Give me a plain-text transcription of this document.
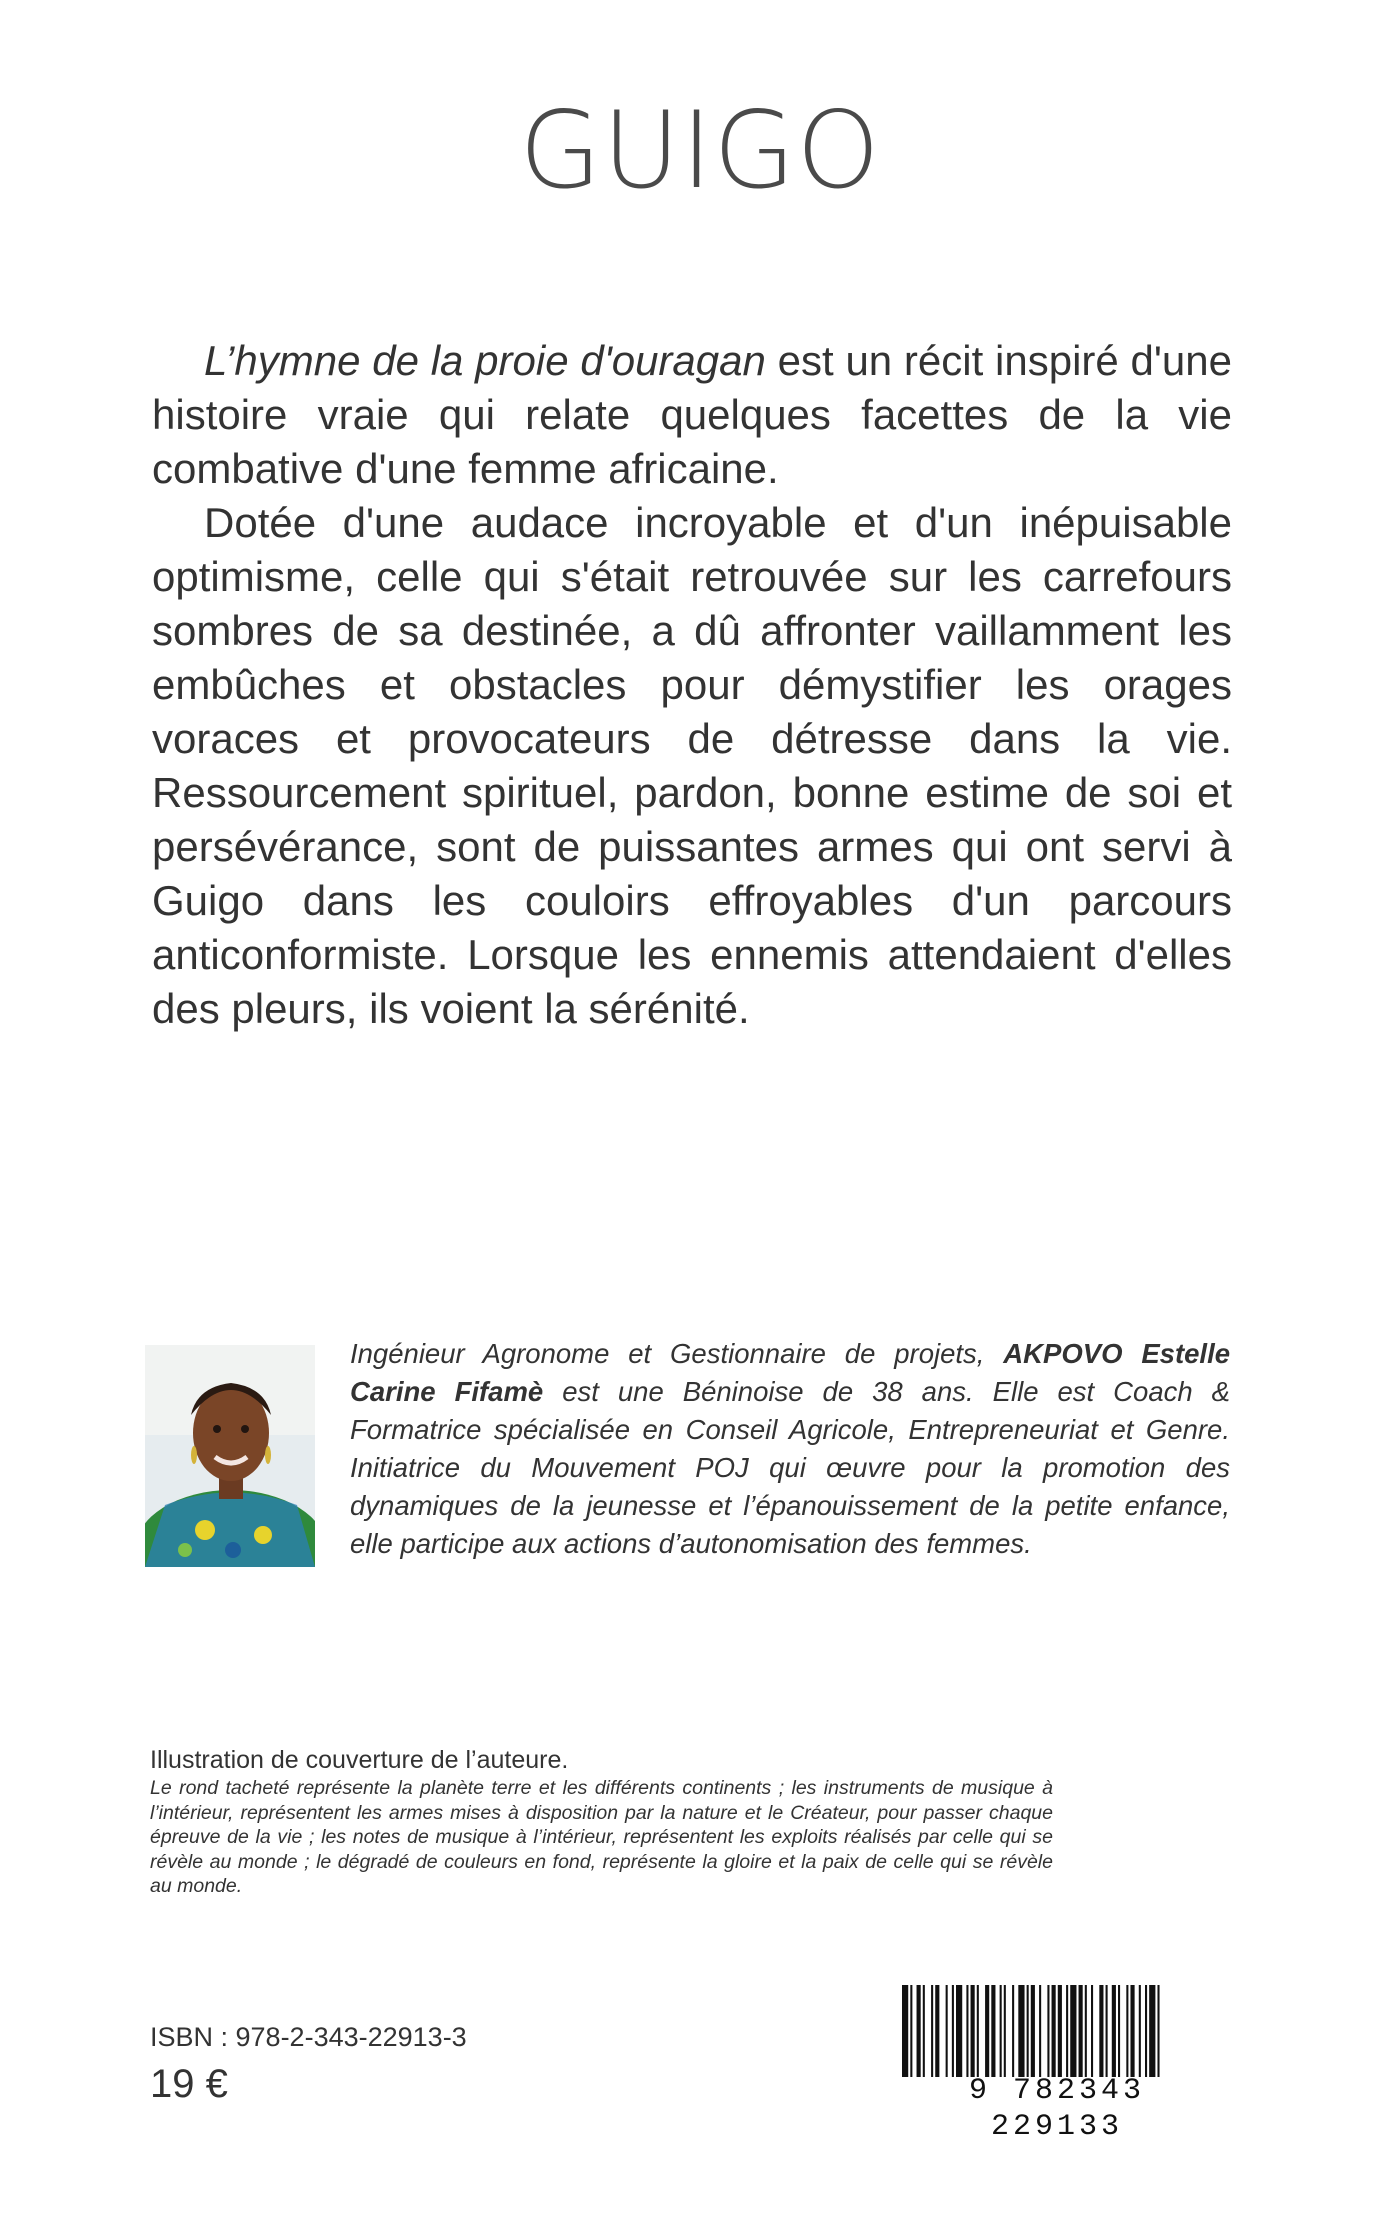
GUIGO

L’hymne de la proie d'ouragan est un récit inspiré d'une histoire vraie qui relate quelques facettes de la vie combative d'une femme africaine.

Dotée d'une audace incroyable et d'un inépuisable optimisme, celle qui s'était retrouvée sur les carrefours sombres de sa destinée, a dû affronter vaillamment les embûches et obstacles pour démystifier les orages voraces et provocateurs de détresse dans la vie. Ressourcement spirituel, pardon, bonne estime de soi et persévérance, sont de puissantes armes qui ont servi à Guigo dans les couloirs effroyables d'un parcours anticonformiste. Lorsque les ennemis attendaient d'elles des pleurs, ils voient la sérénité.

Ingénieur Agronome et Gestionnaire de projets, AKPOVO Estelle Carine Fifamè est une Béninoise de 38 ans. Elle est Coach & Formatrice spécialisée en Conseil Agricole, Entrepreneuriat et Genre. Initiatrice du Mouvement POJ qui œuvre pour la promotion des dynamiques de la jeunesse et l’épanouissement de la petite enfance, elle participe aux actions d’autonomisation des femmes.
Illustration de couverture de l’auteure.
Le rond tacheté représente la planète terre et les différents continents ; les instruments de musique à l’intérieur, représentent les armes mises à disposition par la nature et le Créateur, pour passer chaque épreuve de la vie ; les notes de musique à l’intérieur, représentent les exploits réalisés par celle qui se révèle au monde ; le dégradé de couleurs en fond, représente la gloire et la paix de celle qui se révèle au monde.
ISBN : 978-2-343-22913-3
19 €	9 782343 229133
